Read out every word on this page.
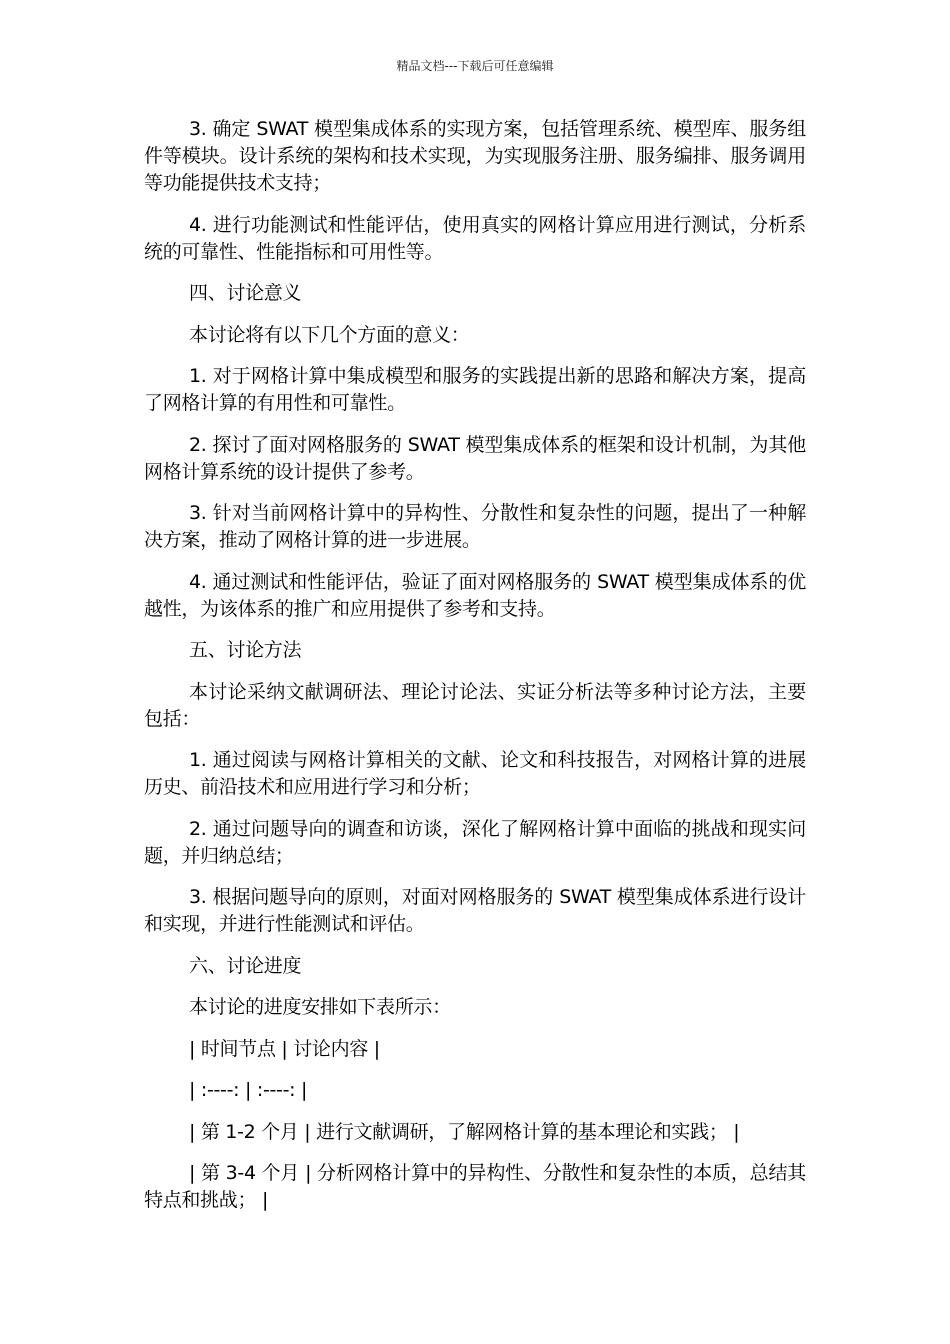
精品文档---下载后可任意编辑

3. 确定 SWAT 模型集成体系的实现方案，包括管理系统、模型库、服务组件等模块。设计系统的架构和技术实现，为实现服务注册、服务编排、服务调用等功能提供技术支持；

4. 进行功能测试和性能评估，使用真实的网格计算应用进行测试，分析系统的可靠性、性能指标和可用性等。

四、讨论意义

本讨论将有以下几个方面的意义：

1. 对于网格计算中集成模型和服务的实践提出新的思路和解决方案，提高了网格计算的有用性和可靠性。

2. 探讨了面对网格服务的 SWAT 模型集成体系的框架和设计机制，为其他网格计算系统的设计提供了参考。

3. 针对当前网格计算中的异构性、分散性和复杂性的问题，提出了一种解决方案，推动了网格计算的进一步进展。

4. 通过测试和性能评估，验证了面对网格服务的 SWAT 模型集成体系的优越性，为该体系的推广和应用提供了参考和支持。

五、讨论方法

本讨论采纳文献调研法、理论讨论法、实证分析法等多种讨论方法，主要包括：

1. 通过阅读与网格计算相关的文献、论文和科技报告，对网格计算的进展历史、前沿技术和应用进行学习和分析；

2. 通过问题导向的调查和访谈，深化了解网格计算中面临的挑战和现实问题，并归纳总结；

3. 根据问题导向的原则，对面对网格服务的 SWAT 模型集成体系进行设计和实现，并进行性能测试和评估。

六、讨论进度

本讨论的进度安排如下表所示：

| 时间节点 | 讨论内容 |

| :----: | :----: |

| 第 1-2 个月 | 进行文献调研，了解网格计算的基本理论和实践； |

| 第 3-4 个月 | 分析网格计算中的异构性、分散性和复杂性的本质，总结其特点和挑战； |
